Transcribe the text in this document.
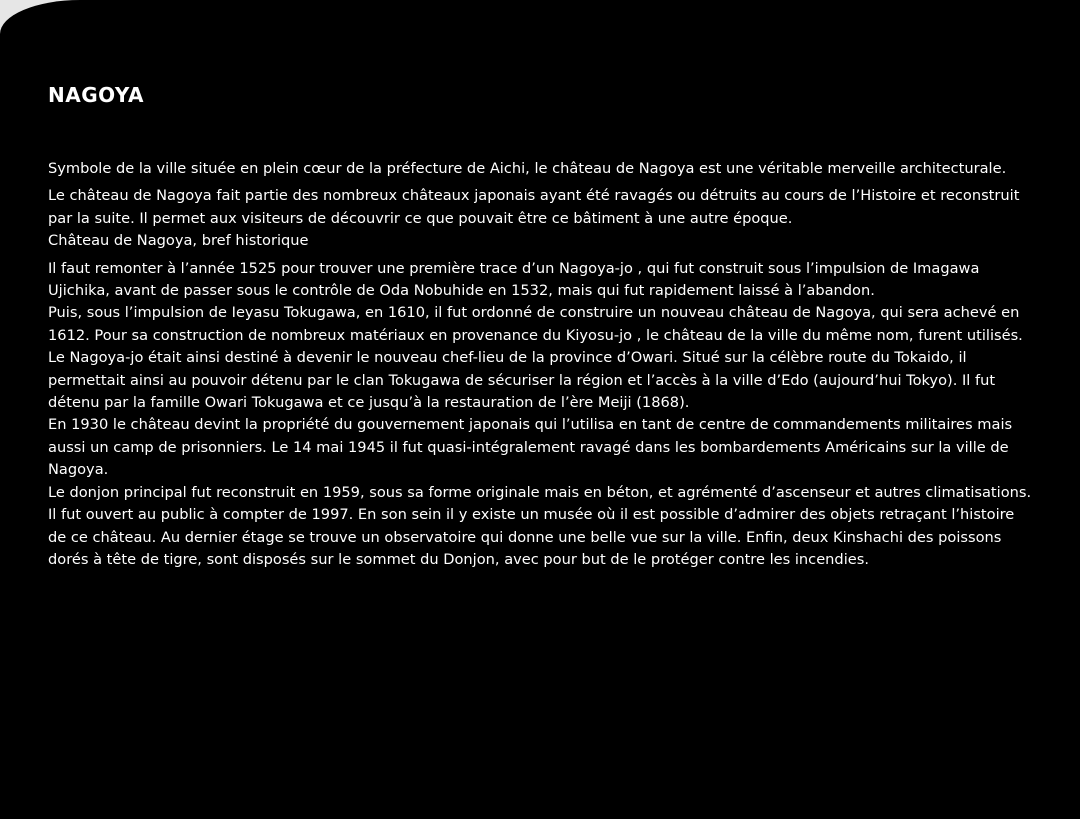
NAGOYA

Symbole de la ville située en plein cœur de la préfecture de Aichi, le château de Nagoya est une véritable merveille architecturale.

Le château de Nagoya fait partie des nombreux châteaux japonais ayant été ravagés ou détruits au cours de l’Histoire et reconstruit par la suite. Il permet aux visiteurs de découvrir ce que pouvait être ce bâtiment à une autre époque.

Château de Nagoya, bref historique

Il faut remonter à l’année 1525 pour trouver une première trace d’un Nagoya-jo , qui fut construit sous l’impulsion de Imagawa Ujichika, avant de passer sous le contrôle de Oda Nobuhide en 1532, mais qui fut rapidement laissé à l’abandon.

Puis, sous l’impulsion de Ieyasu Tokugawa, en 1610, il fut ordonné de construire un nouveau château de Nagoya, qui sera achevé en 1612. Pour sa construction de nombreux matériaux en provenance du Kiyosu-jo , le château de la ville du même nom, furent utilisés.

Le Nagoya-jo était ainsi destiné à devenir le nouveau chef-lieu de la province d’Owari. Situé sur la célèbre route du Tokaido, il permettait ainsi au pouvoir détenu par le clan Tokugawa de sécuriser la région et l’accès à la ville d’Edo (aujourd’hui Tokyo). Il fut détenu par la famille Owari Tokugawa et ce jusqu’à la restauration de l’ère Meiji (1868).

En 1930 le château devint la propriété du gouvernement japonais qui l’utilisa en tant de centre de commandements militaires mais aussi un camp de prisonniers. Le 14 mai 1945 il fut quasi-intégralement ravagé dans les bombardements Américains sur la ville de Nagoya.

Le donjon principal fut reconstruit en 1959, sous sa forme originale mais en béton, et agrémenté d’ascenseur et autres climatisations. Il fut ouvert au public à compter de 1997. En son sein il y existe un musée où il est possible d’admirer des objets retraçant l’histoire de ce château. Au dernier étage se trouve un observatoire qui donne une belle vue sur la ville. Enfin, deux Kinshachi des poissons dorés à tête de tigre, sont disposés sur le sommet du Donjon, avec pour but de le protéger contre les incendies.
